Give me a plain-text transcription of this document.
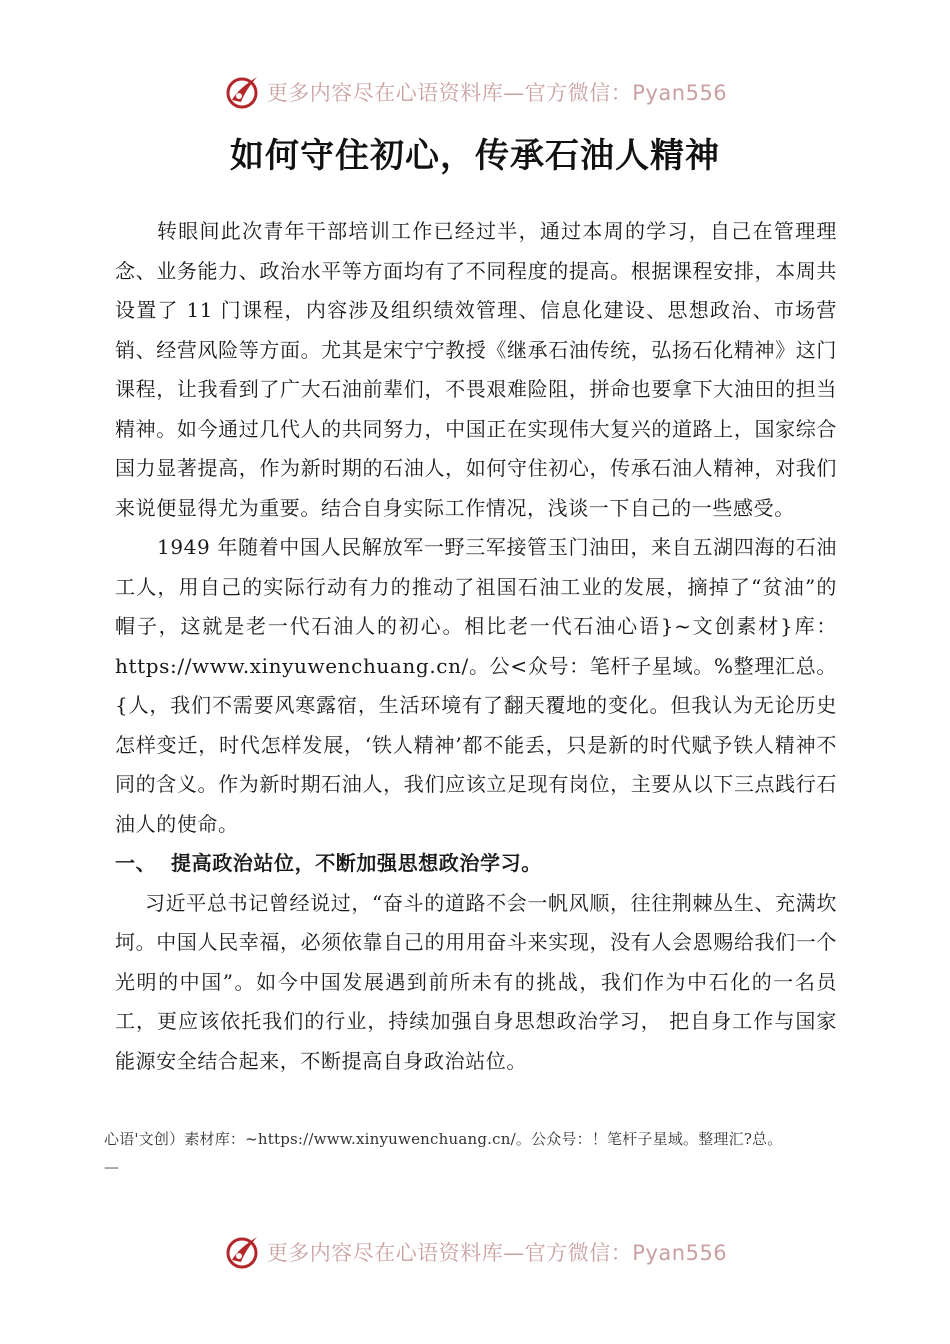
更多内容尽在心语资料库—官方微信：Pyan556
如何守住初心，传承石油人精神

转眼间此次青年干部培训工作已经过半，通过本周的学习，自己在管理理念、业务能力、政治水平等方面均有了不同程度的提高。根据课程安排，本周共设置了 11 门课程，内容涉及组织绩效管理、信息化建设、思想政治、市场营销、经营风险等方面。尤其是宋宁宁教授《继承石油传统，弘扬石化精神》这门课程，让我看到了广大石油前辈们，不畏艰难险阻，拼命也要拿下大油田的担当精神。如今通过几代人的共同努力，中国正在实现伟大复兴的道路上，国家综合国力显著提高，作为新时期的石油人，如何守住初心，传承石油人精神，对我们来说便显得尤为重要。结合自身实际工作情况，浅谈一下自己的一些感受。

1949 年随着中国人民解放军一野三军接管玉门油田，来自五湖四海的石油工人，用自己的实际行动有力的推动了祖国石油工业的发展，摘掉了“贫油”的帽子，这就是老一代石油人的初心。相比老一代石油心语}~文创素材}库：https://www.xinyuwenchuang.cn/。公<众号：笔杆子星域。%整理汇总。{人，我们不需要风寒露宿，生活环境有了翻天覆地的变化。但我认为无论历史怎样变迁，时代怎样发展，‘铁人精神’都不能丢，只是新的时代赋予铁人精神不同的含义。作为新时期石油人，我们应该立足现有岗位，主要从以下三点践行石油人的使命。

一、 提高政治站位，不断加强思想政治学习。

习近平总书记曾经说过，“奋斗的道路不会一帆风顺，往往荆棘丛生、充满坎坷。中国人民幸福，必须依靠自己的用用奋斗来实现，没有人会恩赐给我们一个光明的中国”。如今中国发展遇到前所未有的挑战，我们作为中石化的一名员工，更应该依托我们的行业，持续加强自身思想政治学习， 把自身工作与国家能源安全结合起来，不断提高自身政治站位。

心语'文创）素材库：~https://www.xinyuwenchuang.cn/。公众号：！笔杆子星域。整理汇?总。
—
更多内容尽在心语资料库—官方微信：Pyan556
